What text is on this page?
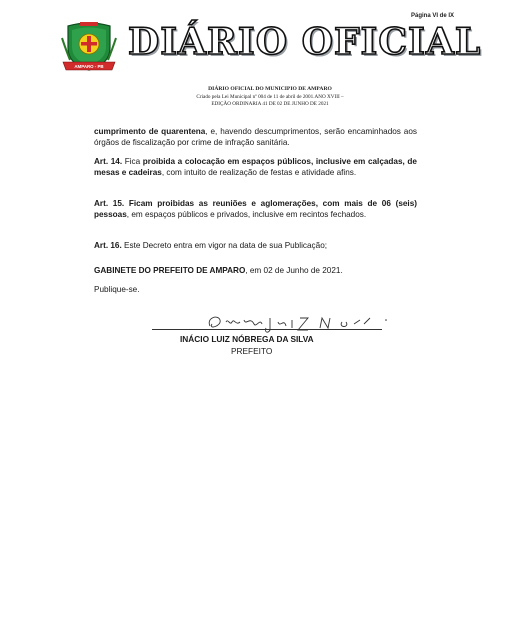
Página VI de IX
AMPARO - PB
DIÁRIO OFICIAL
DIÁRIO OFICIAL DO MUNICIPIO DE AMPARO
Criado pela Lei Municipal nº 004 de 11 de abril de 2001.ANO XVIII –
EDIÇÃO ORDINARIA 41 DE 02 DE JUNHO DE 2021
cumprimento de quarentena, e, havendo descumprimentos, serão encaminhados aos órgãos de fiscalização por crime de infração sanitária.
Art. 14. Fica proibida a colocação em espaços públicos, inclusive em calçadas, de mesas e cadeiras, com intuito de realização de festas e atividade afins.
Art. 15. Ficam proibidas as reuniões e aglomerações, com mais de 06 (seis) pessoas, em espaços públicos e privados, inclusive em recintos fechados.
Art. 16. Este Decreto entra em vigor na data de sua Publicação;
GABINETE DO PREFEITO DE AMPARO, em 02 de Junho de 2021.
Publique-se.
INÁCIO LUIZ NÓBREGA DA SILVA
PREFEITO
